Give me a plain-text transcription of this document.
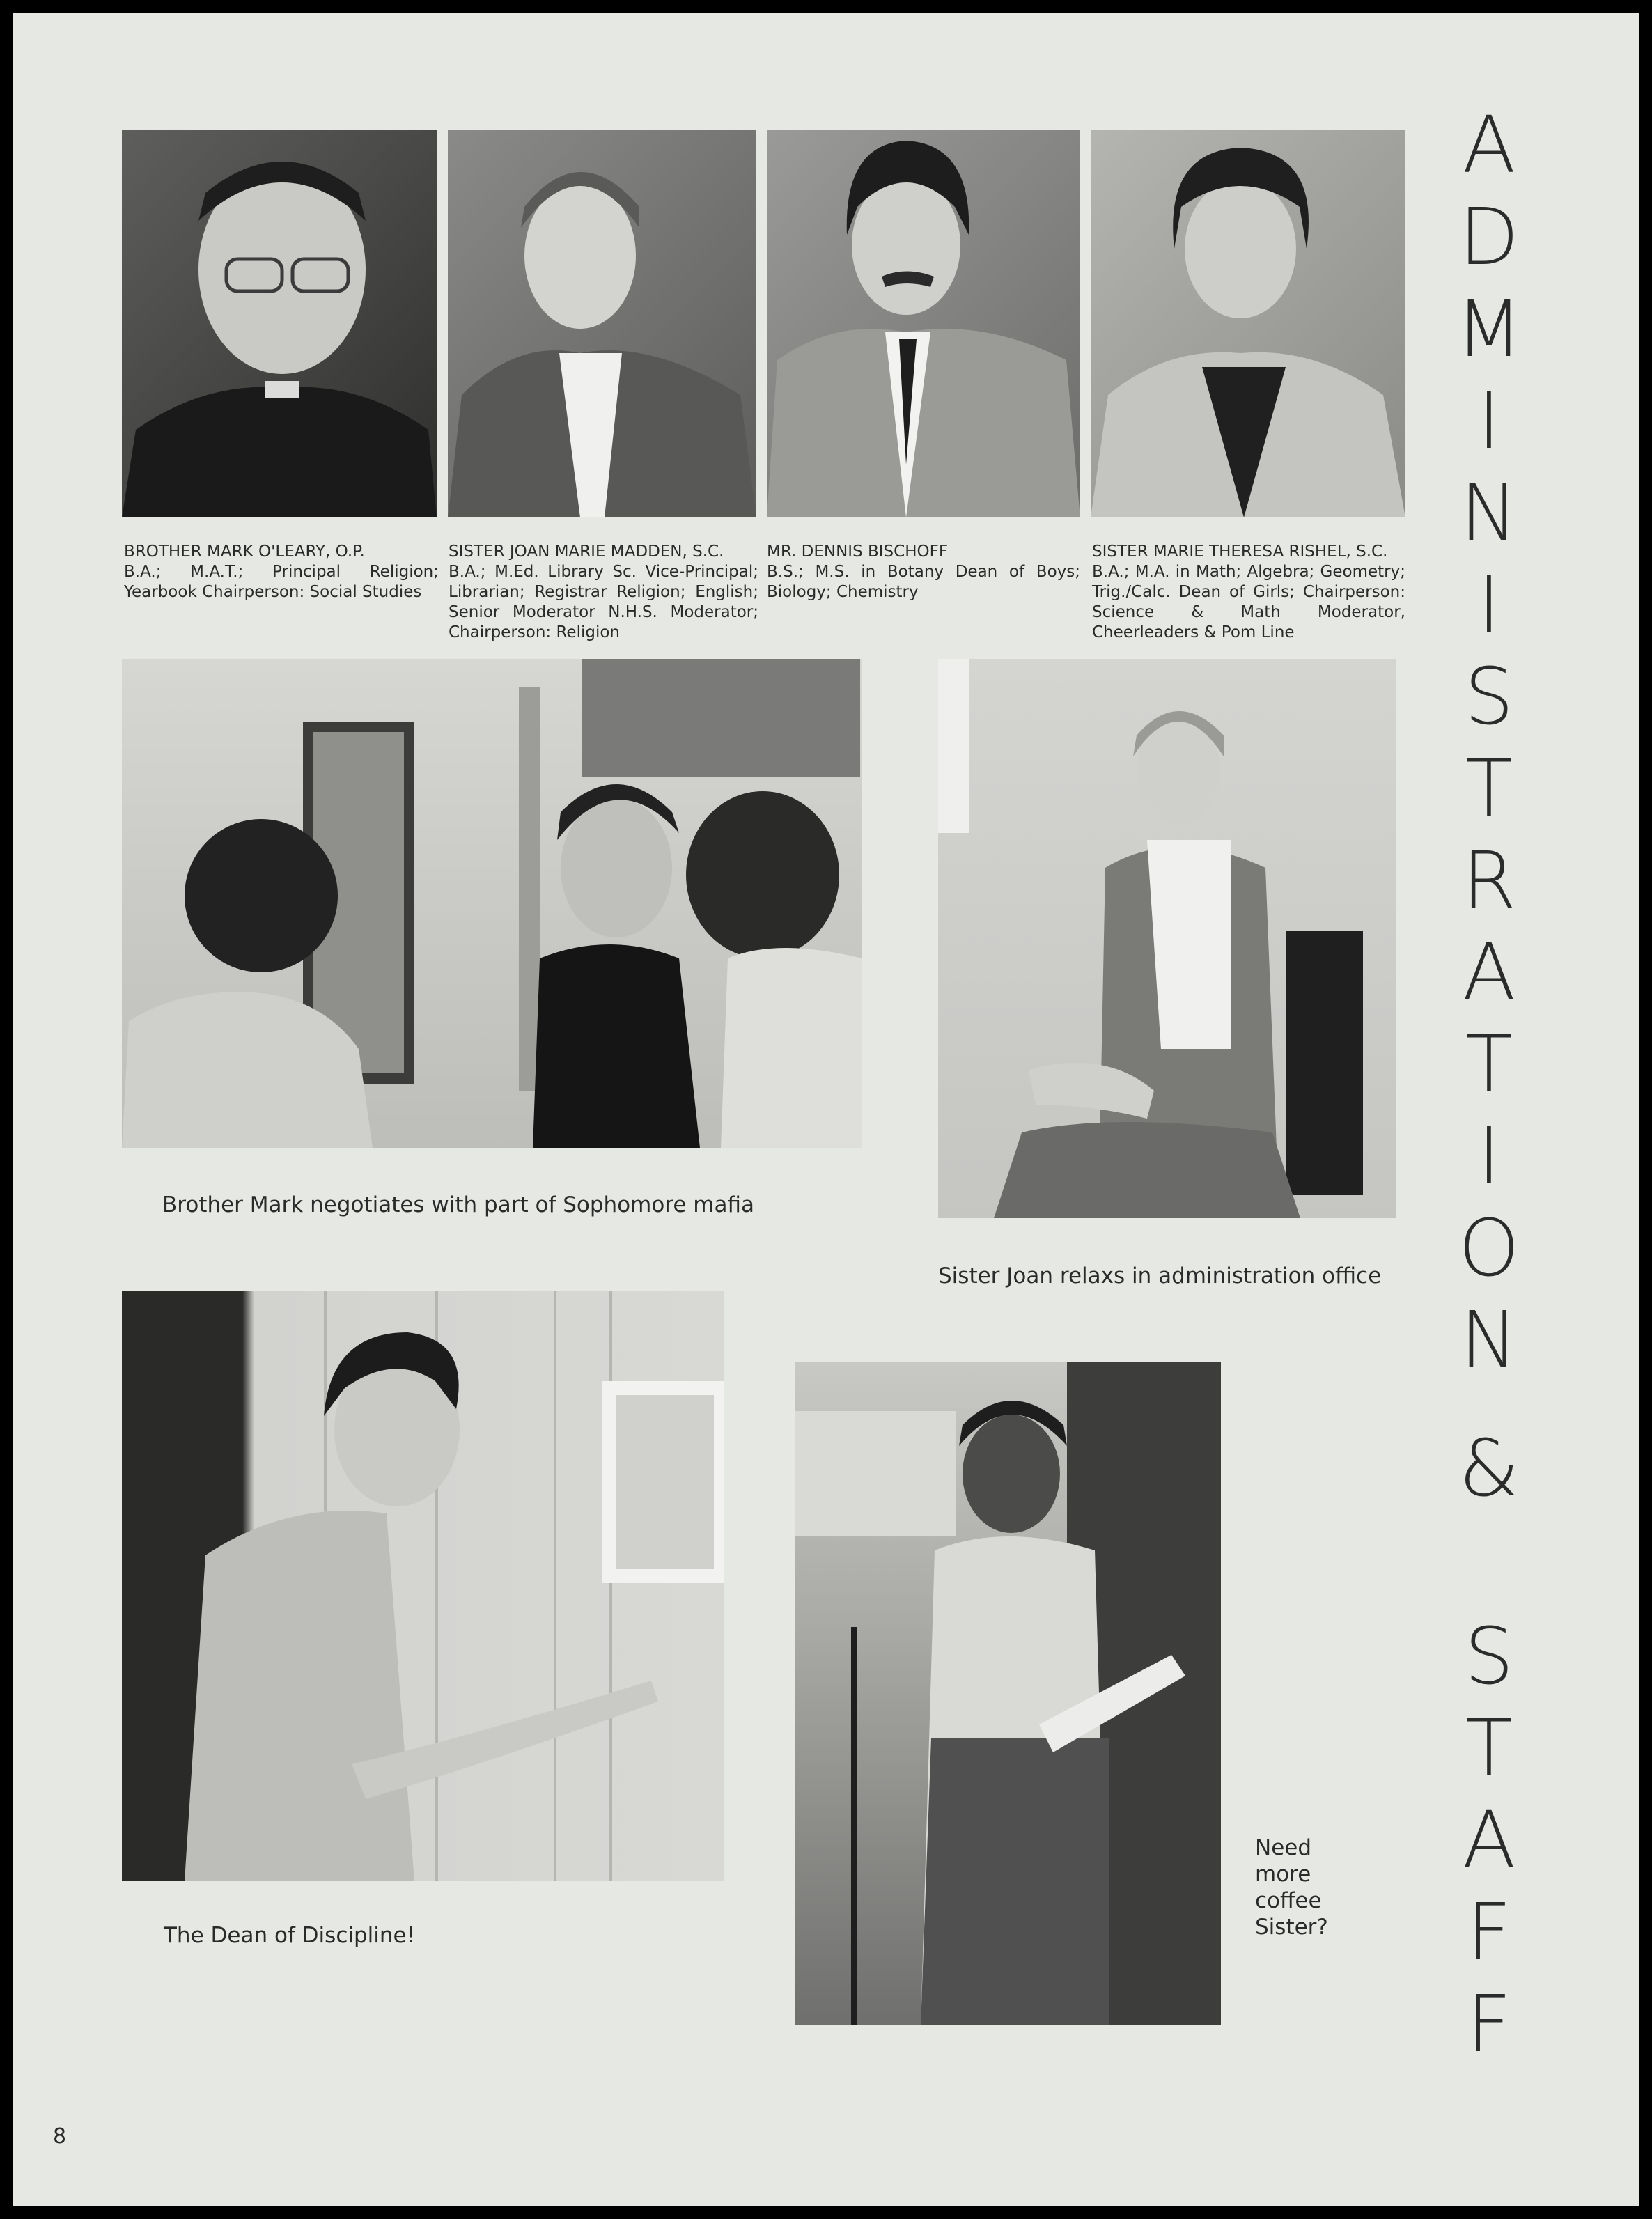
BROTHER MARK O'LEARY, O.P.
B.A.; M.A.T.; Principal Religion; Yearbook Chairperson: Social Studies
SISTER JOAN MARIE MADDEN, S.C.
B.A.; M.Ed. Library Sc. Vice-Principal; Librarian; Registrar Religion; English; Senior Moderator N.H.S. Moderator; Chairperson: Religion
MR. DENNIS BISCHOFF
B.S.; M.S. in Botany Dean of Boys; Biology; Chemistry
SISTER MARIE THERESA RISHEL, S.C.
B.A.; M.A. in Math; Algebra; Geometry; Trig./Calc. Dean of Girls; Chairperson: Science & Math Moderator, Cheerleaders & Pom Line
Brother Mark negotiates with part of Sophomore mafia
Sister Joan relaxs in administration office
The Dean of Discipline!
Need
more
coffee
Sister?
A
D
M
I
N
I
S
T
R
A
T
I
O
N
&
S
T
A
F
F
8
